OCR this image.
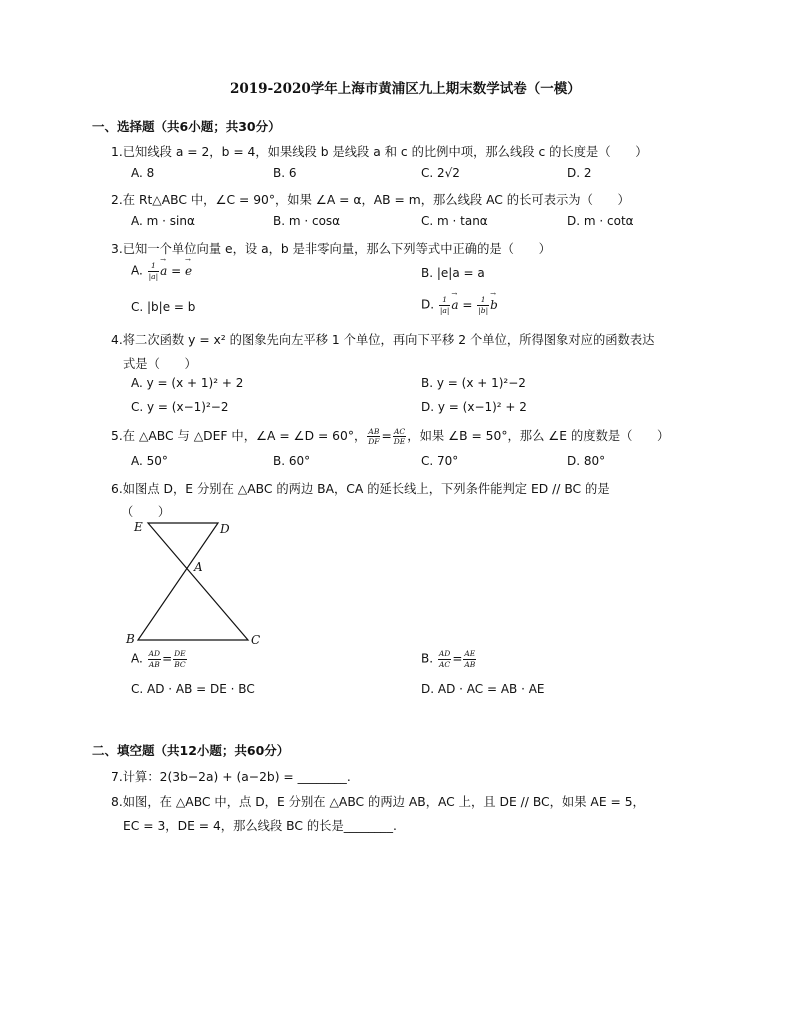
2019-2020学年上海市黄浦区九上期末数学试卷（一模）
一、选择题（共6小题；共30分）
1.已知线段 a = 2，b = 4，如果线段 b 是线段 a 和 c 的比例中项，那么线段 c 的长度是（　　）
A. 8	B. 6	C. 2√2	D. 2
2.在 Rt△ABC 中，∠C = 90°，如果 ∠A = α，AB = m，那么线段 AC 的长可表示为（　　）
A. m · sinα	B. m · cosα	C. m · tanα	D. m · cotα
3.已知一个单位向量 e，设 a，b 是非零向量，那么下列等式中正确的是（　　）
A. $\frac{1}{|a|}$
→ a = → e	B. |e|a = a
C. |b|e = b	D. $\frac{1}{|a|}$
→ $a = \frac{1}{|b|}$
→ b
4.将二次函数 y = x² 的图象先向左平移 1 个单位，再向下平移 2 个单位，所得图象对应的函数表达
式是（　　）
A. y = (x + 1)² + 2	B. y = (x + 1)²−2
C. y = (x−1)²−2	D. y = (x−1)² + 2
5.在 △ABC 与 △DEF 中，∠A = ∠D = 60°， $\frac{AB}{DF} = \frac{AC}{DE}$ ，如果 ∠B = 50°，那么 ∠E 的度数是（　　）
A. 50°	B. 60°	C. 70°	D. 80°
6.如图点 D，E 分别在 △ABC 的两边 BA，CA 的延长线上，下列条件能判定 ED // BC 的是
（　　）
E	D
A
B	C
A. $\frac{AD}{AB} = \frac{DE}{BC}$	B. $\frac{AD}{AC} = \frac{AE}{AB}$
C. AD · AB = DE · BC	D. AD · AC = AB · AE
二、填空题（共12小题；共60分）
7.计算：2(3b−2a) + (a−2b) = ________.
8.如图，在 △ABC 中，点 D，E 分别在 △ABC 的两边 AB，AC 上，且 DE // BC，如果 AE = 5，
EC = 3，DE = 4，那么线段 BC 的长是________.
